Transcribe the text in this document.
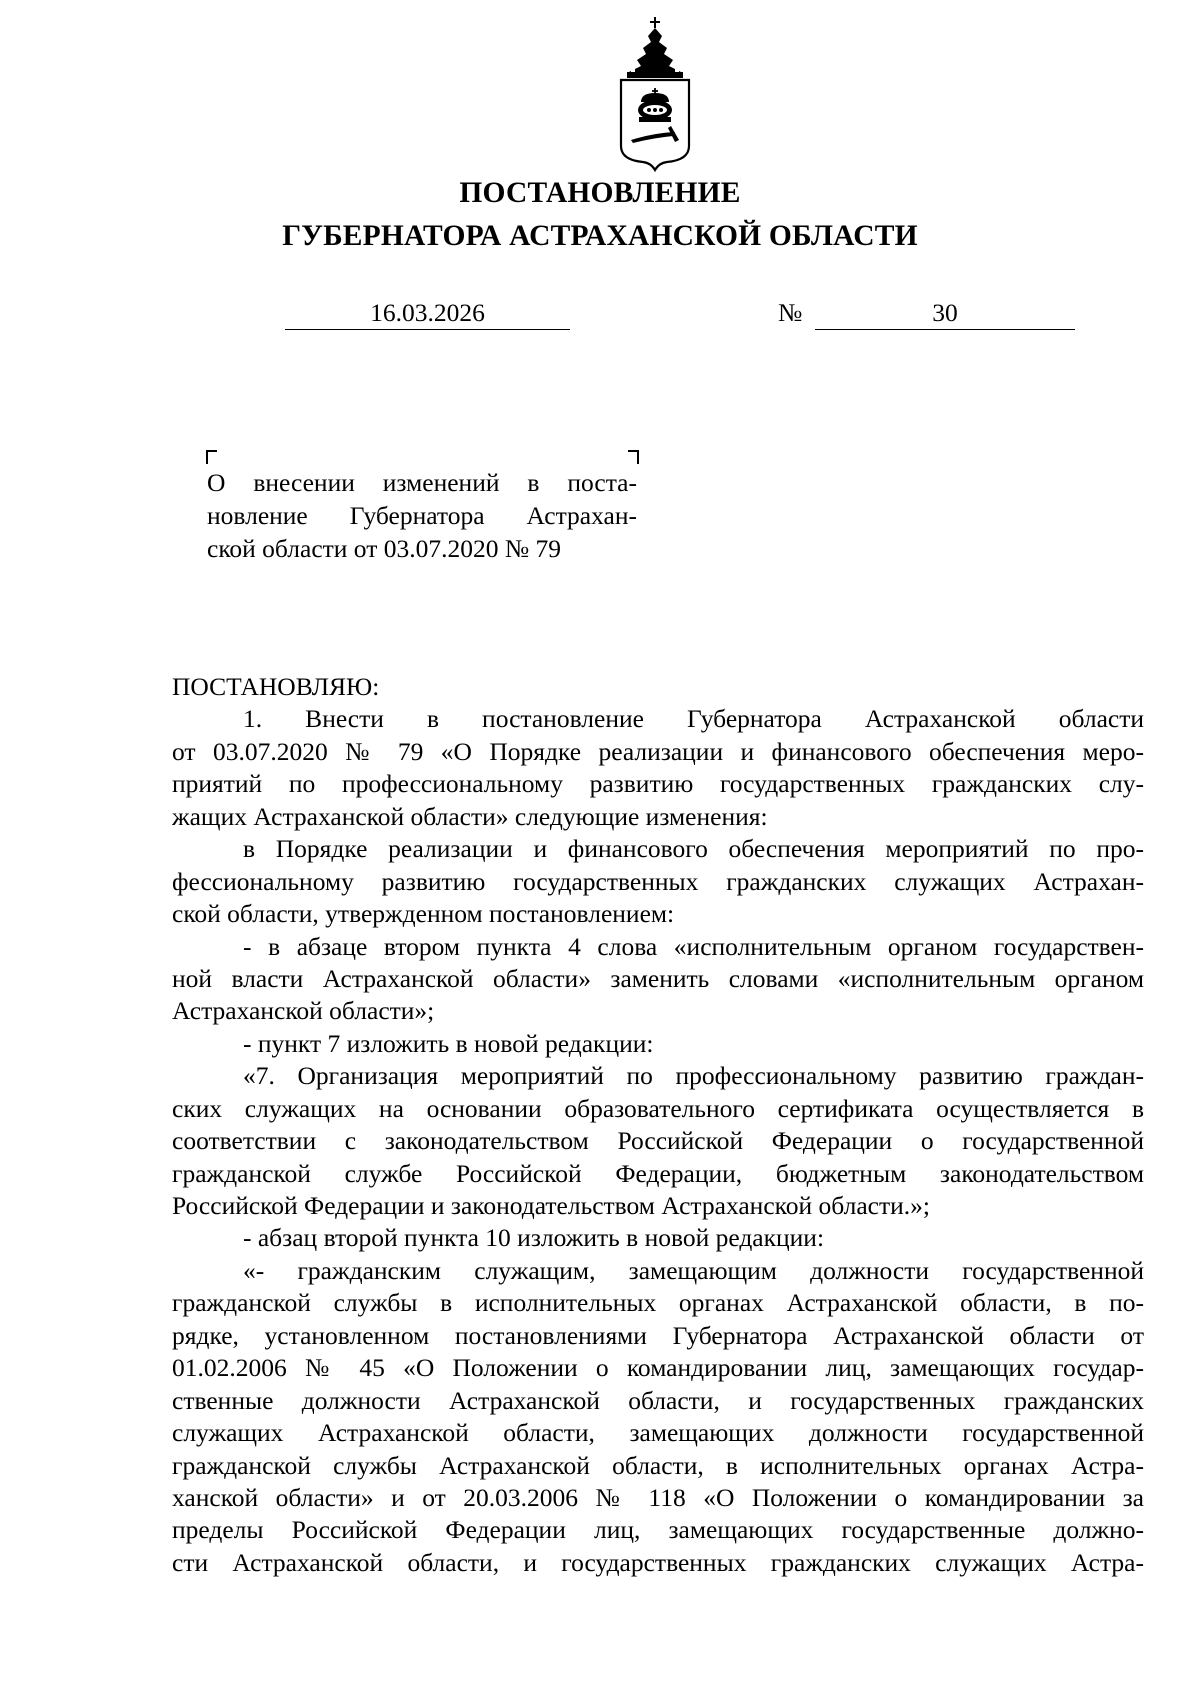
ПОСТАНОВЛЕНИЕ
ГУБЕРНАТОРА АСТРАХАНСКОЙ ОБЛАСТИ
16.03.2026	№	30
О внесении изменений в поста-
новление Губернатора Астрахан-
ской области от 03.07.2020 № 79
ПОСТАНОВЛЯЮ:
1. Внести в постановление Губернатора Астраханской области
от 03.07.2020 № 79 «О Порядке реализации и финансового обеспечения меро-
приятий по профессиональному развитию государственных гражданских слу-
жащих Астраханской области» следующие изменения:
в Порядке реализации и финансового обеспечения мероприятий по про-
фессиональному развитию государственных гражданских служащих Астрахан-
ской области, утвержденном постановлением:
- в абзаце втором пункта 4 слова «исполнительным органом государствен-
ной власти Астраханской области» заменить словами «исполнительным органом
Астраханской области»;
- пункт 7 изложить в новой редакции:
«7. Организация мероприятий по профессиональному развитию граждан-
ских служащих на основании образовательного сертификата осуществляется в
соответствии с законодательством Российской Федерации о государственной
гражданской службе Российской Федерации, бюджетным законодательством
Российской Федерации и законодательством Астраханской области.»;
- абзац второй пункта 10 изложить в новой редакции:
«- гражданским служащим, замещающим должности государственной
гражданской службы в исполнительных органах Астраханской области, в по-
рядке, установленном постановлениями Губернатора Астраханской области от
01.02.2006 № 45 «О Положении о командировании лиц, замещающих государ-
ственные должности Астраханской области, и государственных гражданских
служащих Астраханской области, замещающих должности государственной
гражданской службы Астраханской области, в исполнительных органах Астра-
ханской области» и от 20.03.2006 № 118 «О Положении о командировании за
пределы Российской Федерации лиц, замещающих государственные должно-
сти Астраханской области, и государственных гражданских служащих Астра-
